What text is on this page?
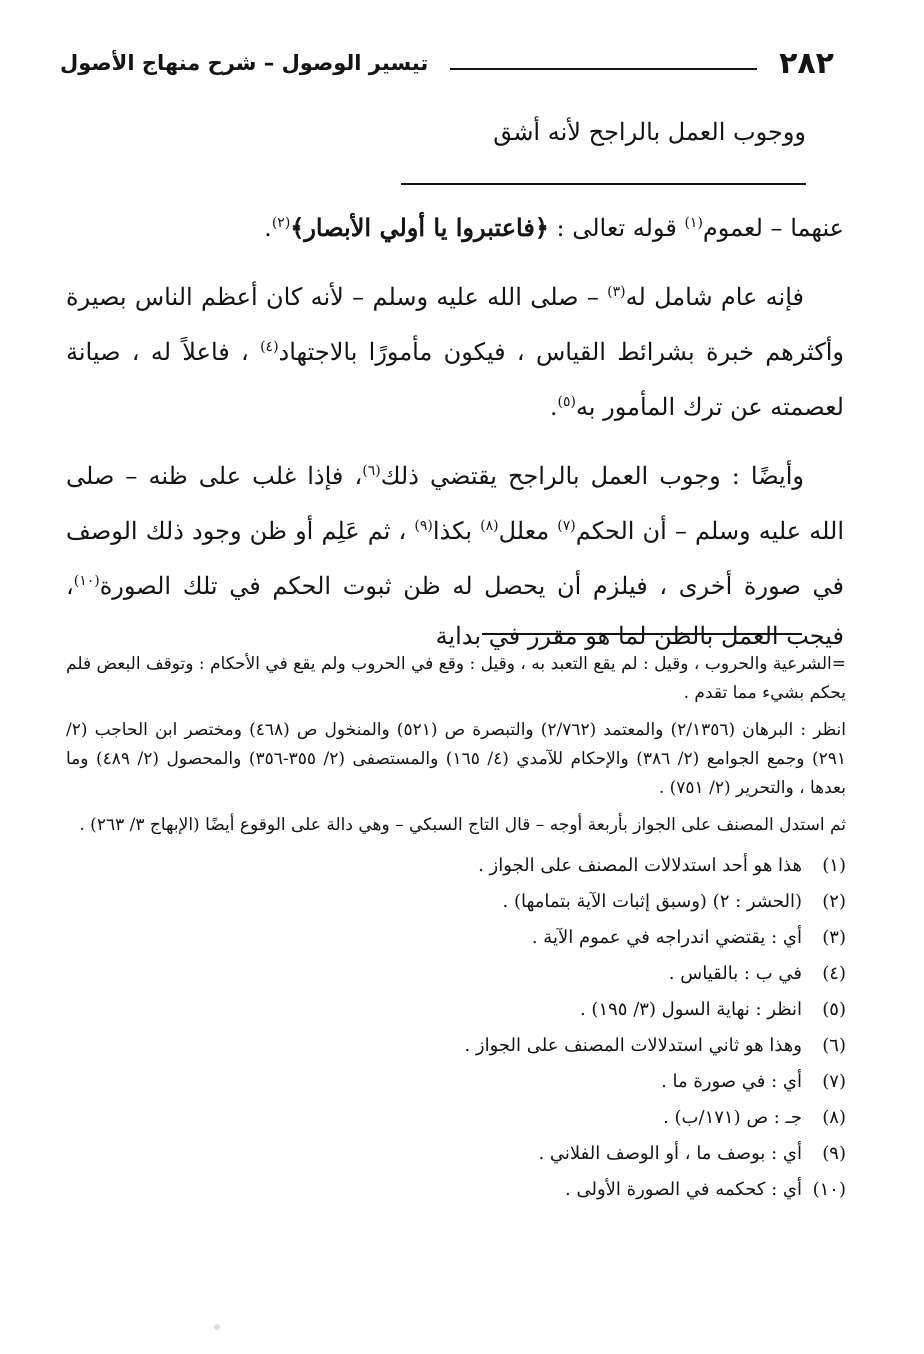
٢٨٢
تيسير الوصول – شرح منهاج الأصول
ووجوب العمل بالراجح لأنه أشق

عنهما – لعموم$^{(١)}$ قوله تعالى : ﴿فاعتبروا يا أولي الأبصار﴾$^{(٢)}$.

فإنه عام شامل له$^{(٣)}$ – صلى الله عليه وسلم – لأنه كان أعظم الناس بصيرة وأكثرهم خبرة بشرائط القياس ، فيكون مأمورًا بالاجتهاد$^{(٤)}$ ، فاعلاً له ، صيانة لعصمته عن ترك المأمور به$^{(٥)}$.

وأيضًا : وجوب العمل بالراجح يقتضي ذلك$^{(٦)}$، فإذا غلب على ظنه – صلى الله عليه وسلم – أن الحكم$^{(٧)}$ معلل$^{(٨)}$ بكذا$^{(٩)}$ ، ثم عَلِم أو ظن وجود ذلك الوصف في صورة أخرى ، فيلزم أن يحصل له ظن ثبوت الحكم في تلك الصورة$^{(١٠)}$، فيجب العمل بالظن لما هو مقرر في بداية

=الشرعية والحروب ، وقيل : لم يقع التعبد به ، وقيل : وقع في الحروب ولم يقع في الأحكام : وتوقف البعض فلم يحكم بشيء مما تقدم .

انظر : البرهان (٢/١٣٥٦) والمعتمد (٢/٧٦٢) والتبصرة ص (٥٢١) والمنخول ص (٤٦٨) ومختصر ابن الحاجب (٢/ ٢٩١) وجمع الجوامع (٢/ ٣٨٦) والإحكام للآمدي (٤/ ١٦٥) والمستصفى (٢/ ٣٥٥-٣٥٦) والمحصول (٢/ ٤٨٩) وما بعدها ، والتحرير (٢/ ٧٥١) .

ثم استدل المصنف على الجواز بأربعة أوجه – قال التاج السبكي – وهي دالة على الوقوع أيضًا (الإبهاج ٣/ ٢٦٣) .

(١)هذا هو أحد استدلالات المصنف على الجواز .
(٢)(الحشر : ٢) (وسبق إثبات الآية بتمامها) .
(٣)أي : يقتضي اندراجه في عموم الآية .
(٤)في ب : بالقياس .
(٥)انظر : نهاية السول (٣/ ١٩٥) .
(٦)وهذا هو ثاني استدلالات المصنف على الجواز .
(٧)أي : في صورة ما .
(٨)جـ : ص (١٧١/ب) .
(٩)أي : بوصف ما ، أو الوصف الفلاني .
(١٠)أي : كحكمه في الصورة الأولى .
